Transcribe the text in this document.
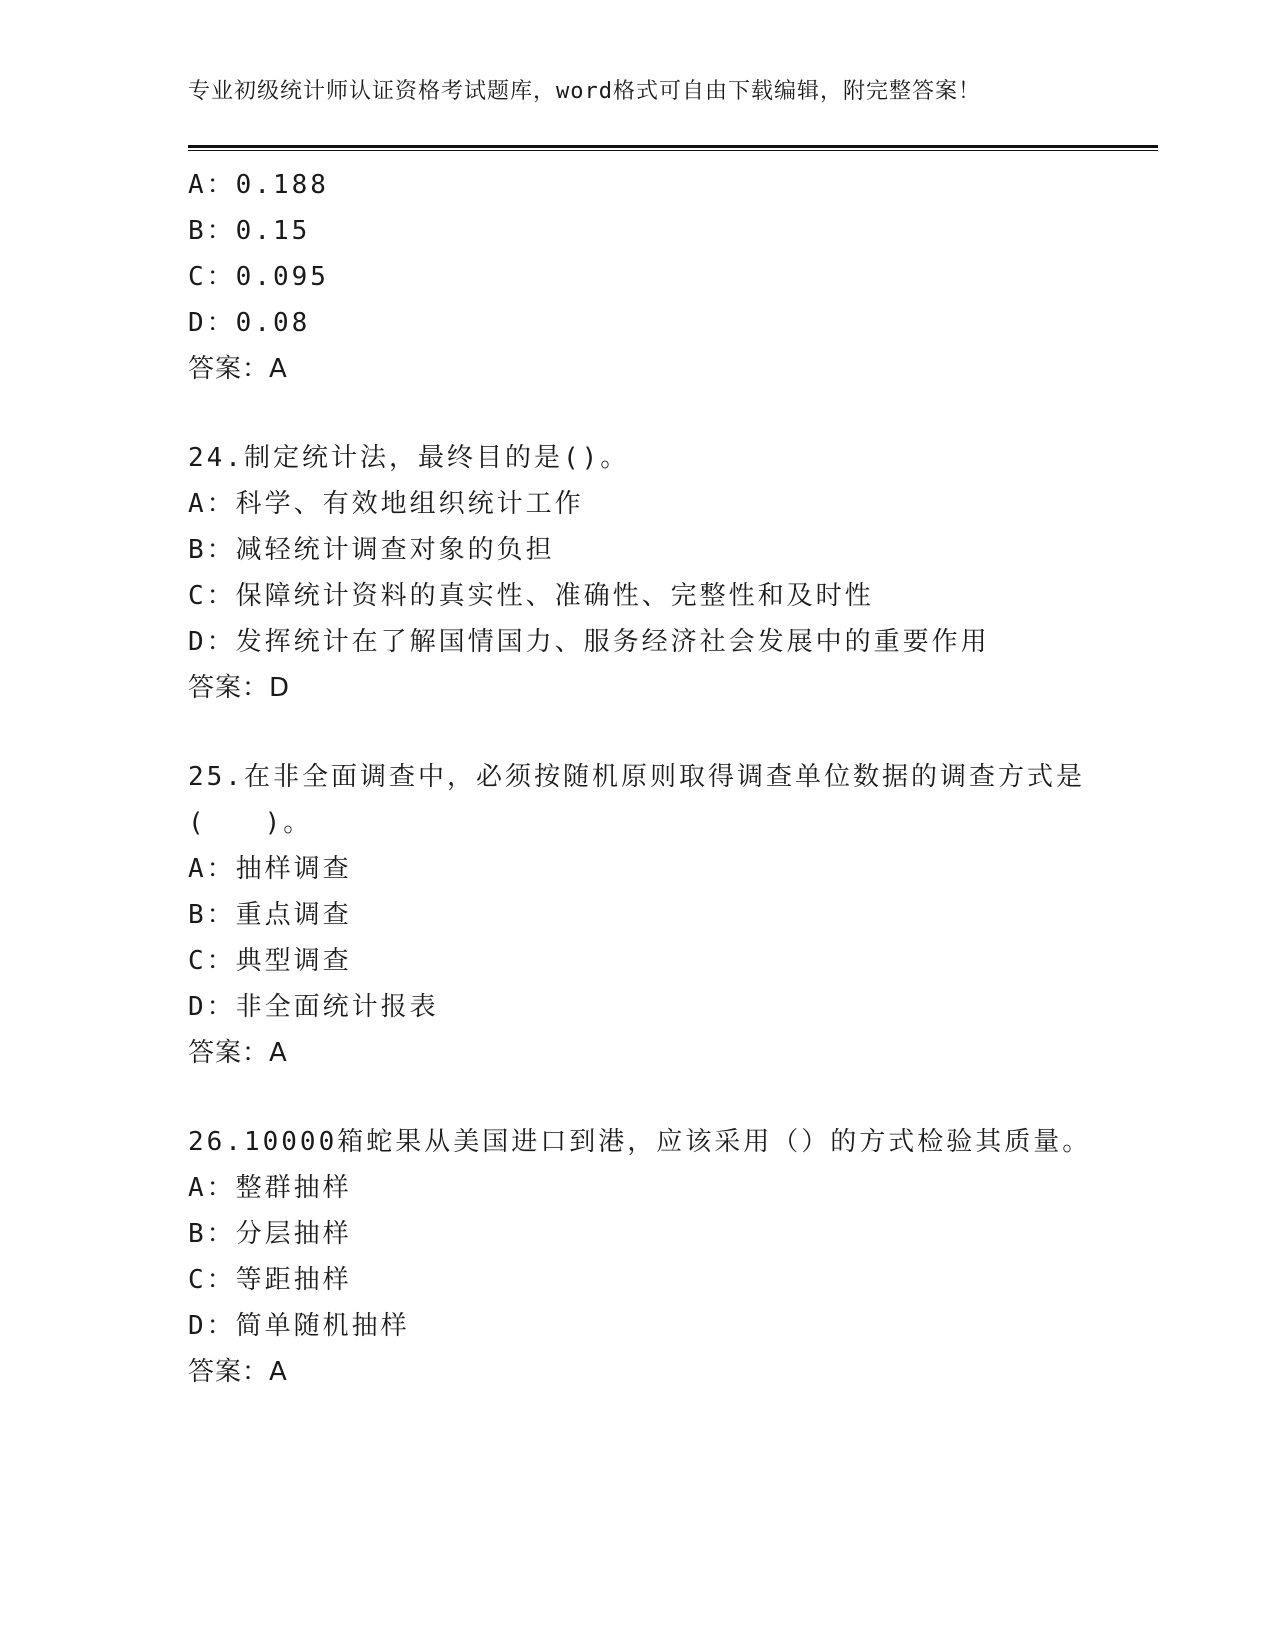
专业初级统计师认证资格考试题库，word格式可自由下载编辑，附完整答案！
A：0.188
B：0.15
C：0.095
D：0.08
答案：A
24.制定统计法，最终目的是()。
A：科学、有效地组织统计工作
B：减轻统计调查对象的负担
C：保障统计资料的真实性、准确性、完整性和及时性
D：发挥统计在了解国情国力、服务经济社会发展中的重要作用
答案：D
25.在非全面调查中，必须按随机原则取得调查单位数据的调查方式是
(　　)。
A：抽样调查
B：重点调查
C：典型调查
D：非全面统计报表
答案：A
26.10000箱蛇果从美国进口到港，应该采用（）的方式检验其质量。
A：整群抽样
B：分层抽样
C：等距抽样
D：简单随机抽样
答案：A
